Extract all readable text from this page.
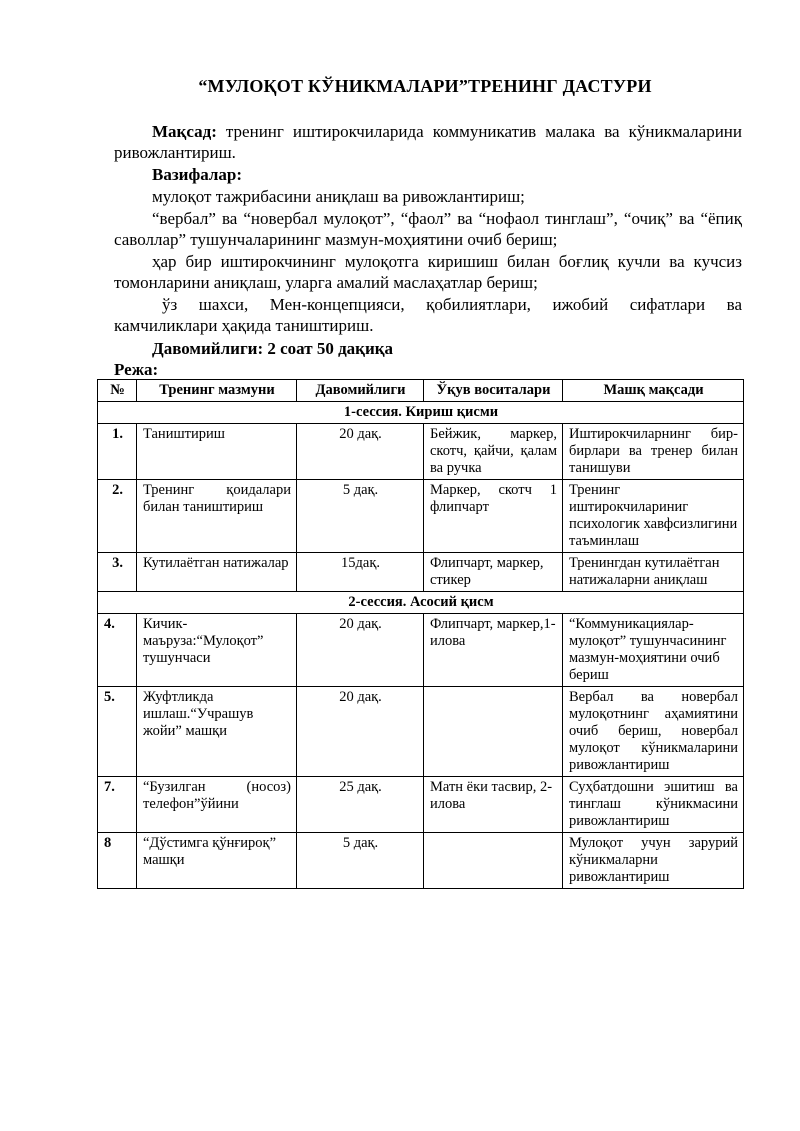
“МУЛОҚОТ КЎНИКМАЛАРИ”ТРЕНИНГ ДАСТУРИ
Мақсад: тренинг иштирокчиларида коммуникатив малака ва кўникмаларини ривожлантириш.
Вазифалар:
мулоқот тажрибасини аниқлаш ва ривожлантириш;
“вербал” ва “новербал мулоқот”, “фаол” ва “нофаол тинглаш”, “очиқ” ва “ёпиқ саволлар” тушунчаларининг мазмун-моҳиятини очиб бериш;
ҳар бир иштирокчининг мулоқотга киришиш билан боғлиқ кучли ва кучсиз томонларини аниқлаш, уларга амалий маслаҳатлар бериш;
ўз шахси, Мен-концепцияси, қобилиятлари, ижобий сифатлари ва камчиликлари ҳақида таништириш.
Давомийлиги: 2 соат 50 дақиқа
Режа:
№	Тренинг мазмуни	Давомийлиги	Ўқув воситалари	Машқ мақсади
1-сессия. Кириш қисми				
1.	Таништириш	20 дақ.	Бейжик, маркер, скотч, қайчи, қалам ва ручка	Иштирокчиларнинг бир-бирлари ва тренер билан танишуви
2.	Тренинг қоидалари билан таништириш	5 дақ.	Маркер, скотч 1 флипчарт	Тренинг иштирокчилариниг психологик хавфсизлигини таъминлаш
3.	Кутилаётган натижалар	15дақ.	Флипчарт, маркер, стикер	Тренингдан кутилаётган натижаларни аниқлаш
2-сессия. Асосий қисм				
4.	Кичик-маъруза:“Мулоқот” тушунчаси	20 дақ.	Флипчарт, маркер,1-илова	“Коммуникациялар-мулоқот” тушунчасининг мазмун-моҳиятини очиб бериш
5.	Жуфтликда ишлаш.“Учрашув жойи” машқи	20 дақ.		Вербал ва новербал мулоқотнинг аҳамиятини очиб бериш, новербал мулоқот кўникмаларини ривожлантириш
7.	“Бузилган (носоз) телефон”ўйини	25 дақ.	Матн ёки тасвир, 2-илова	Суҳбатдошни эшитиш ва тинглаш кўникмасини ривожлантириш
8	“Дўстимга қўнғироқ” машқи	5 дақ.		Мулоқот учун зарурий кўникмаларни ривожлантириш
